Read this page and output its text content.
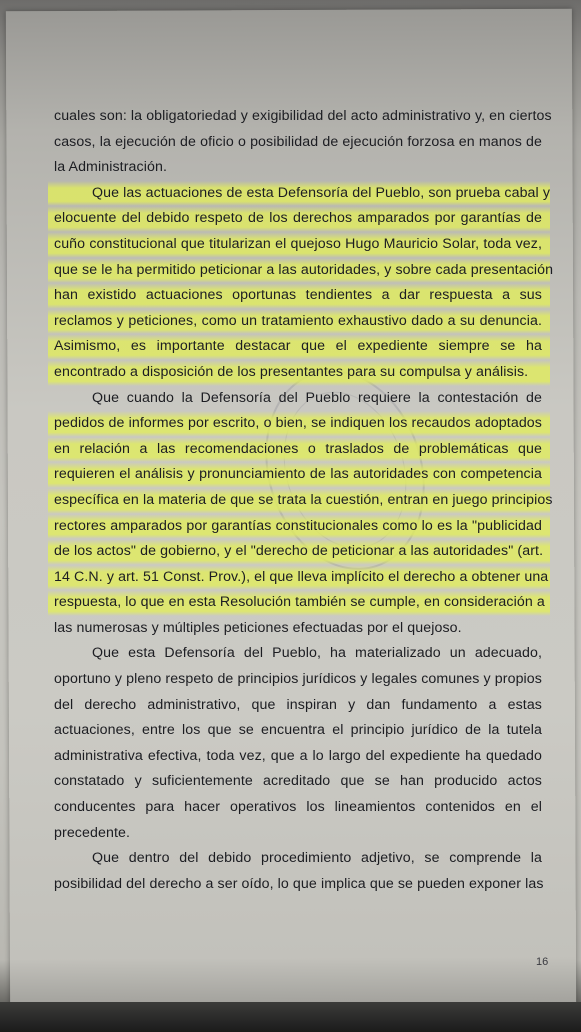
cuales son: la obligatoriedad y exigibilidad del acto administrativo y, en ciertos
casos, la ejecución de oficio o posibilidad de ejecución forzosa en manos de
la Administración.
Que las actuaciones de esta Defensoría del Pueblo, son prueba cabal y
elocuente del debido respeto de los derechos amparados por garantías de
cuño constitucional que titularizan el quejoso Hugo Mauricio Solar, toda vez,
que se le ha permitido peticionar a las autoridades, y sobre cada presentación
han existido actuaciones oportunas tendientes a dar respuesta a sus
reclamos y peticiones, como un tratamiento exhaustivo dado a su denuncia.
Asimismo, es importante destacar que el expediente siempre se ha
encontrado a disposición de los presentantes para su compulsa y análisis.
Que cuando la Defensoría del Pueblo requiere la contestación de
pedidos de informes por escrito, o bien, se indiquen los recaudos adoptados
en relación a las recomendaciones o traslados de problemáticas que
requieren el análisis y pronunciamiento de las autoridades con competencia
específica en la materia de que se trata la cuestión, entran en juego principios
rectores amparados por garantías constitucionales como lo es la "publicidad
de los actos" de gobierno, y el "derecho de peticionar a las autoridades" (art.
14 C.N. y art. 51 Const. Prov.), el que lleva implícito el derecho a obtener una
respuesta, lo que en esta Resolución también se cumple, en consideración a
las numerosas y múltiples peticiones efectuadas por el quejoso.
Que esta Defensoría del Pueblo, ha materializado un adecuado,
oportuno y pleno respeto de principios jurídicos y legales comunes y propios
del derecho administrativo, que inspiran y dan fundamento a estas
actuaciones, entre los que se encuentra el principio jurídico de la tutela
administrativa efectiva, toda vez, que a lo largo del expediente ha quedado
constatado y suficientemente acreditado que se han producido actos
conducentes para hacer operativos los lineamientos contenidos en el
precedente.
Que dentro del debido procedimiento adjetivo, se comprende la
posibilidad del derecho a ser oído, lo que implica que se pueden exponer las
16
